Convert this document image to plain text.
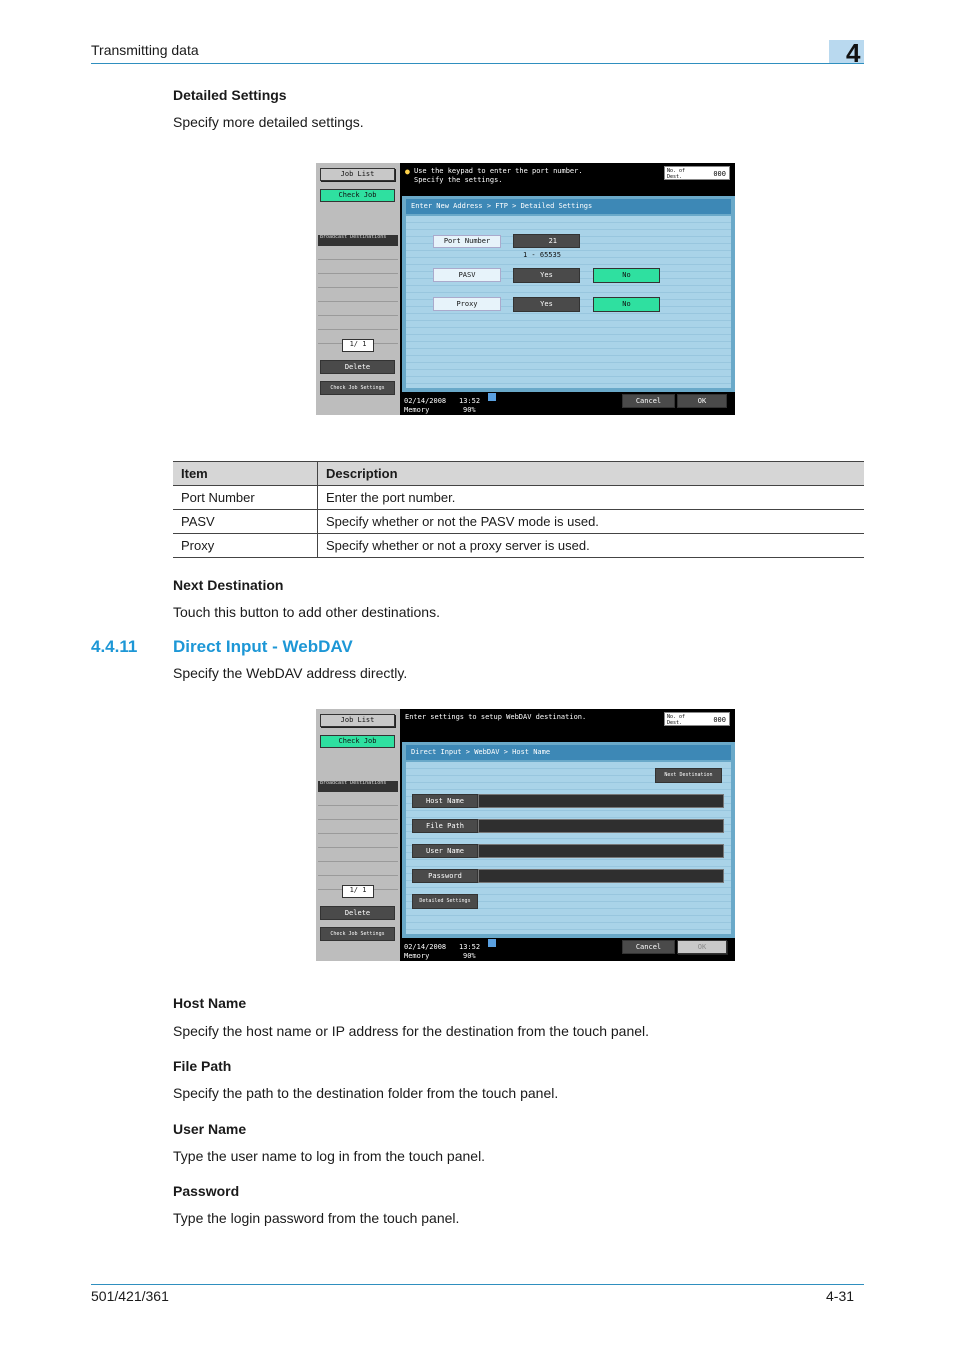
Transmitting data	4
Detailed Settings
Specify more detailed settings.
Job List
Check Job
Broadcast Destinations
1/ 1
Delete
Check Job Settings
● Use the keypad to enter the port number.
Specify the settings.
No. of Dest.	000
Enter New Address > FTP > Detailed Settings
Port Number	21
1 - 65535
PASV	Yes	No
Proxy	Yes	No
02/14/2008 13:52
Memory	90%
Cancel	OK
Item	Description
Port Number	Enter the port number.
PASV	Specify whether or not the PASV mode is used.
Proxy	Specify whether or not a proxy server is used.
Next Destination
Touch this button to add other destinations.
4.4.11 Direct Input - WebDAV
Specify the WebDAV address directly.
Job List
Check Job
Broadcast Destinations
1/ 1
Delete
Check Job Settings
Enter settings to setup WebDAV destination.	No. of Dest.	000
Direct Input > WebDAV > Host Name
Next Destination
Host Name
File Path
User Name
Password
Detailed Settings
02/14/2008 13:52
Memory	90%
Cancel	OK
Host Name
Specify the host name or IP address for the destination from the touch panel.
File Path
Specify the path to the destination folder from the touch panel.
User Name
Type the user name to log in from the touch panel.
Password
Type the login password from the touch panel.
501/421/361	4-31
